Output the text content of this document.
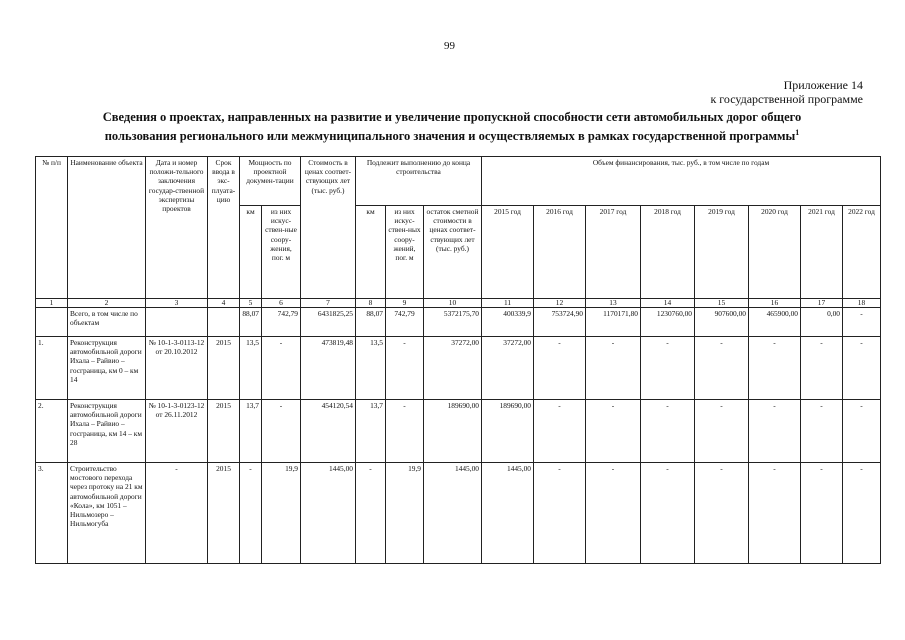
99
Приложение 14
к государственной программе
Сведения о проектах, направленных на развитие и увеличение пропускной способности сети автомобильных дорог общего
пользования регионального или межмуниципального значения и осуществляемых в рамках государственной программы$^1$
№ п/п	Наименование объекта	Дата и номер положи-тельного заключения государ-ственной экспертизы проектов	Срок ввода в экс-плуата-цию	Мощность по проектной докумен-тации		Стоимость в ценах соответ-ствующих лет (тыс. руб.)	Подлежит выполнению до конца строительства			Объем финансирования, тыс. руб., в том числе по годам							
				км	из них искус-ствен-ные соору-жения, пог. м		км	из них искус-ствен-ных соору-жений, пог. м	остаток сметной стоимости в ценах соответ-ствующих лет (тыс. руб.)	2015 год	2016 год	2017 год	2018 год	2019 год	2020 год	2021 год	2022 год
1	2	3	4	5	6	7	8	9	10	11	12	13	14	15	16	17	18
	Всего, в том числе по объектам			88,07	742,79	6431825,25	88,07	742,79	5372175,70	400339,9	753724,90	1170171,80	1230760,00	907600,00	465900,00	0,00	-
1.	Реконструкция автомобильной дороги Ихала – Райвио – госграница, км 0 – км 14	№ 10-1-3-0113-12 от 20.10.2012	2015	13,5	-	473819,48	13,5	-	37272,00	37272,00	-	-	-	-	-	-	-
2.	Реконструкция автомобильной дороги Ихала – Райвио – госграница, км 14 – км 28	№ 10-1-3-0123-12 от 26.11.2012	2015	13,7	-	454120,54	13,7	-	189690,00	189690,00	-	-	-	-	-	-	-
3.	Строительство мостового перехода через протоку на 21 км автомобильной дороги «Кола», км 1051 – Нильмозеро – Нильмогуба	-	2015	-	19,9	1445,00	-	19,9	1445,00	1445,00	-	-	-	-	-	-	-
